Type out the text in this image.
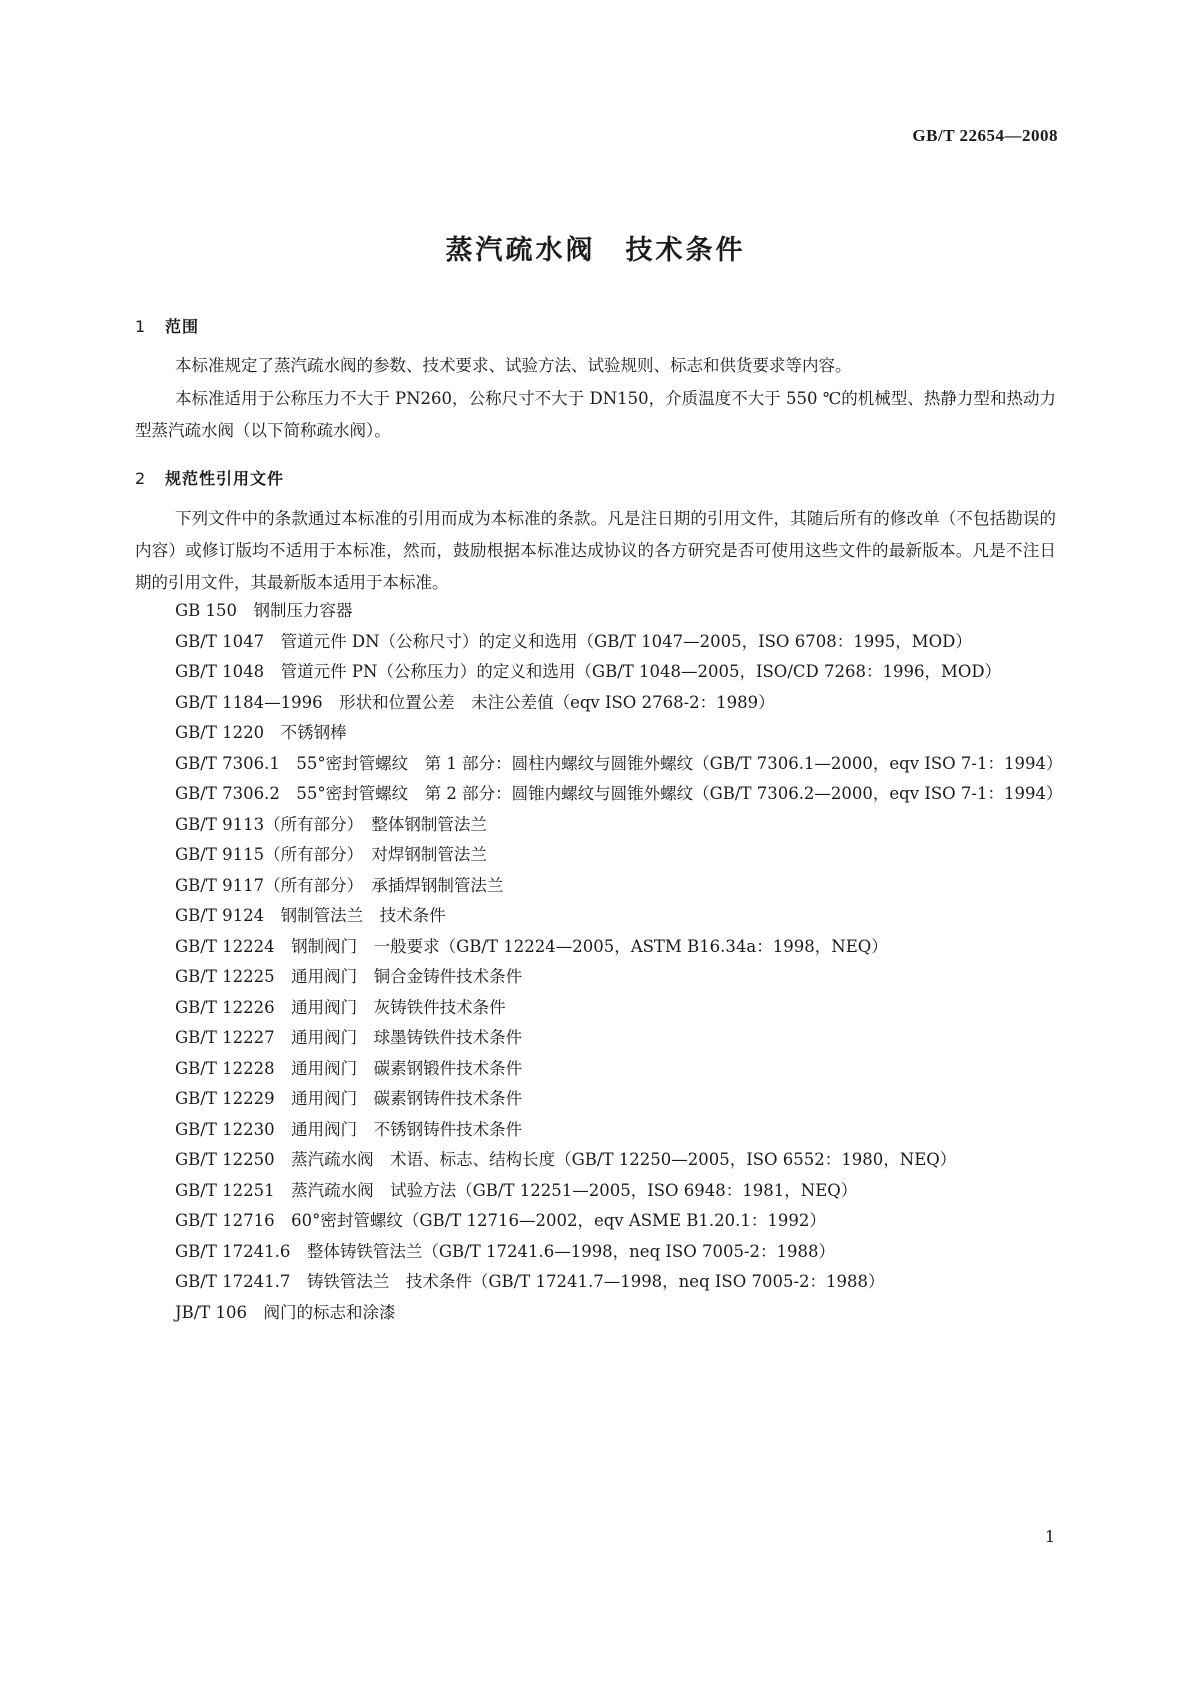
GB/T 22654—2008
蒸汽疏水阀　技术条件
1 范围
本标准规定了蒸汽疏水阀的参数、技术要求、试验方法、试验规则、标志和供货要求等内容。
本标准适用于公称压力不大于 PN260，公称尺寸不大于 DN150，介质温度不大于 550 ℃的机械型、热静力型和热动力型蒸汽疏水阀（以下简称疏水阀）。
2 规范性引用文件
下列文件中的条款通过本标准的引用而成为本标准的条款。凡是注日期的引用文件，其随后所有的修改单（不包括勘误的内容）或修订版均不适用于本标准，然而，鼓励根据本标准达成协议的各方研究是否可使用这些文件的最新版本。凡是不注日期的引用文件，其最新版本适用于本标准。

GB 150　钢制压力容器

GB/T 1047　管道元件 DN（公称尺寸）的定义和选用（GB/T 1047—2005，ISO 6708：1995，MOD）

GB/T 1048　管道元件 PN（公称压力）的定义和选用（GB/T 1048—2005，ISO/CD 7268：1996，MOD）

GB/T 1184—1996　形状和位置公差　未注公差值（eqv ISO 2768-2：1989）

GB/T 1220　不锈钢棒

GB/T 7306.1　55°密封管螺纹　第 1 部分：圆柱内螺纹与圆锥外螺纹（GB/T 7306.1—2000，eqv ISO 7-1：1994）

GB/T 7306.2　55°密封管螺纹　第 2 部分：圆锥内螺纹与圆锥外螺纹（GB/T 7306.2—2000，eqv ISO 7-1：1994）

GB/T 9113（所有部分）　整体钢制管法兰

GB/T 9115（所有部分）　对焊钢制管法兰

GB/T 9117（所有部分）　承插焊钢制管法兰

GB/T 9124　钢制管法兰　技术条件

GB/T 12224　钢制阀门　一般要求（GB/T 12224—2005，ASTM B16.34a：1998，NEQ）

GB/T 12225　通用阀门　铜合金铸件技术条件

GB/T 12226　通用阀门　灰铸铁件技术条件

GB/T 12227　通用阀门　球墨铸铁件技术条件

GB/T 12228　通用阀门　碳素钢锻件技术条件

GB/T 12229　通用阀门　碳素钢铸件技术条件

GB/T 12230　通用阀门　不锈钢铸件技术条件

GB/T 12250　蒸汽疏水阀　术语、标志、结构长度（GB/T 12250—2005，ISO 6552：1980，NEQ）

GB/T 12251　蒸汽疏水阀　试验方法（GB/T 12251—2005，ISO 6948：1981，NEQ）

GB/T 12716　60°密封管螺纹（GB/T 12716—2002，eqv ASME B1.20.1：1992）

GB/T 17241.6　整体铸铁管法兰（GB/T 17241.6—1998，neq ISO 7005-2：1988）

GB/T 17241.7　铸铁管法兰　技术条件（GB/T 17241.7—1998，neq ISO 7005-2：1988）

JB/T 106　阀门的标志和涂漆

1
